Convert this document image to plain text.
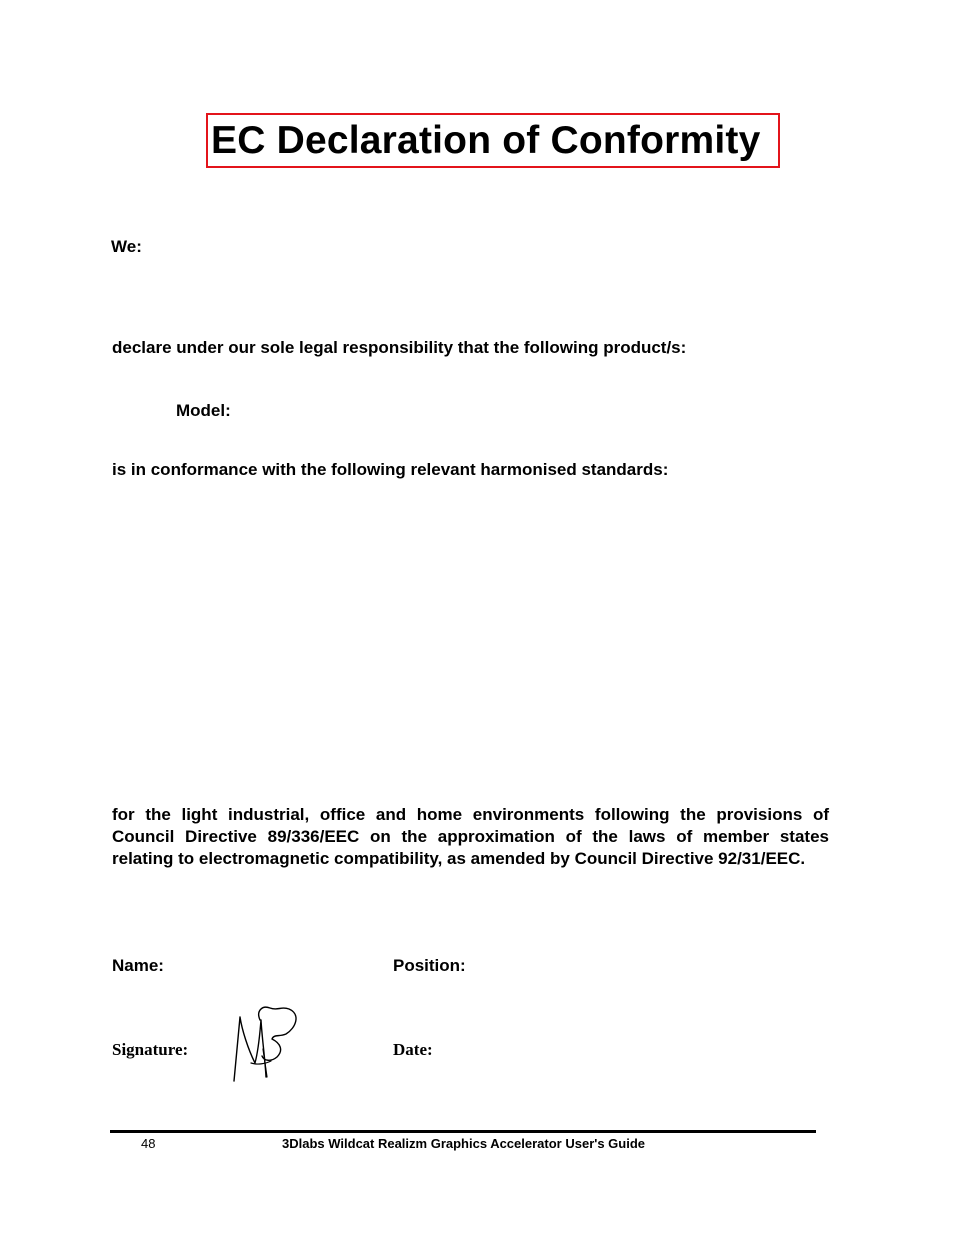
EC Declaration of Conformity
We:
declare under our sole legal responsibility that the following product/s:
Model:
is in conformance with the following relevant harmonised standards:
for the light industrial, office and home environments following the provisions of Council Directive 89/336/EEC on the approximation of the laws of member states relating to electromagnetic compatibility, as amended by Council Directive 92/31/EEC.
Name:	Position:
Signature:	Date:
48	3Dlabs Wildcat Realizm Graphics Accelerator User's Guide
